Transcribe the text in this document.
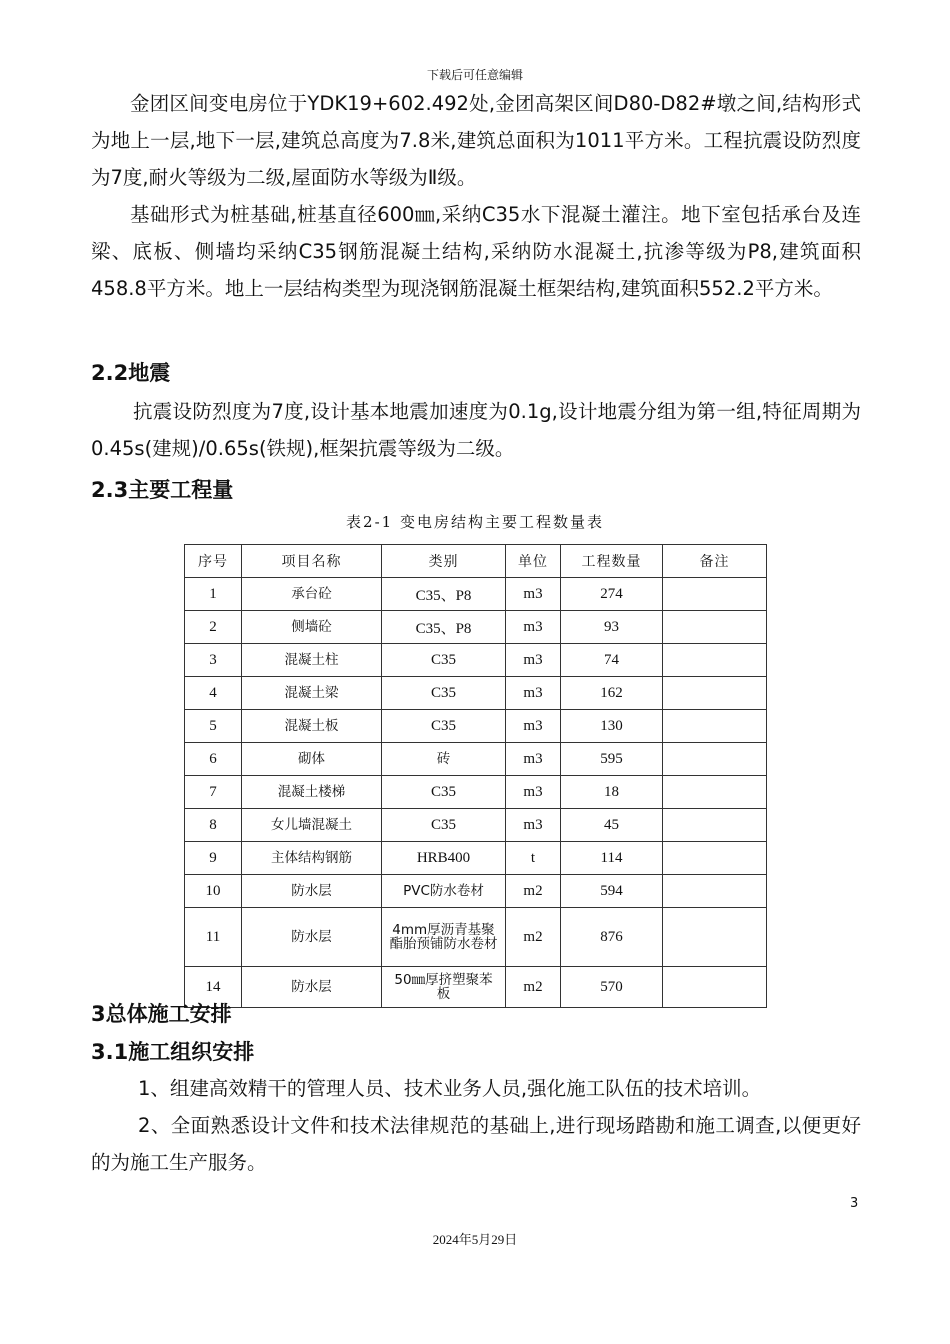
下载后可任意编辑

金团区间变电房位于YDK19+602.492处,金团高架区间D80-D82#墩之间,结构形式为地上一层,地下一层,建筑总高度为7.8米,建筑总面积为1011平方米。工程抗震设防烈度为7度,耐火等级为二级,屋面防水等级为Ⅱ级。

基础形式为桩基础,桩基直径600㎜,采纳C35水下混凝土灌注。地下室包括承台及连梁、底板、侧墙均采纳C35钢筋混凝土结构,采纳防水混凝土,抗渗等级为P8,建筑面积458.8平方米。地上一层结构类型为现浇钢筋混凝土框架结构,建筑面积552.2平方米。

2.2地震

抗震设防烈度为7度,设计基本地震加速度为0.1g,设计地震分组为第一组,特征周期为0.45s(建规)/0.65s(铁规),框架抗震等级为二级。

2.3主要工程量
表2-1 变电房结构主要工程数量表
序号	项目名称	类别	单位	工程数量	备注
1	承台砼	C35、P8	m3	274	
2	侧墙砼	C35、P8	m3	93	
3	混凝土柱	C35	m3	74	
4	混凝土梁	C35	m3	162	
5	混凝土板	C35	m3	130	
6	砌体	砖	m3	595	
7	混凝土楼梯	C35	m3	18	
8	女儿墙混凝土	C35	m3	45	
9	主体结构钢筋	HRB400	t	114	
10	防水层	PVC防水卷材	m2	594	
11	防水层	4mm厚沥青基聚酯胎预铺防水卷材	m2	876	
14	防水层	50㎜厚挤塑聚苯板	m2	570	
3总体施工安排
3.1施工组织安排

1、组建高效精干的管理人员、技术业务人员,强化施工队伍的技术培训。

2、全面熟悉设计文件和技术法律规范的基础上,进行现场踏勘和施工调查,以便更好的为施工生产服务。

3
2024年5月29日
